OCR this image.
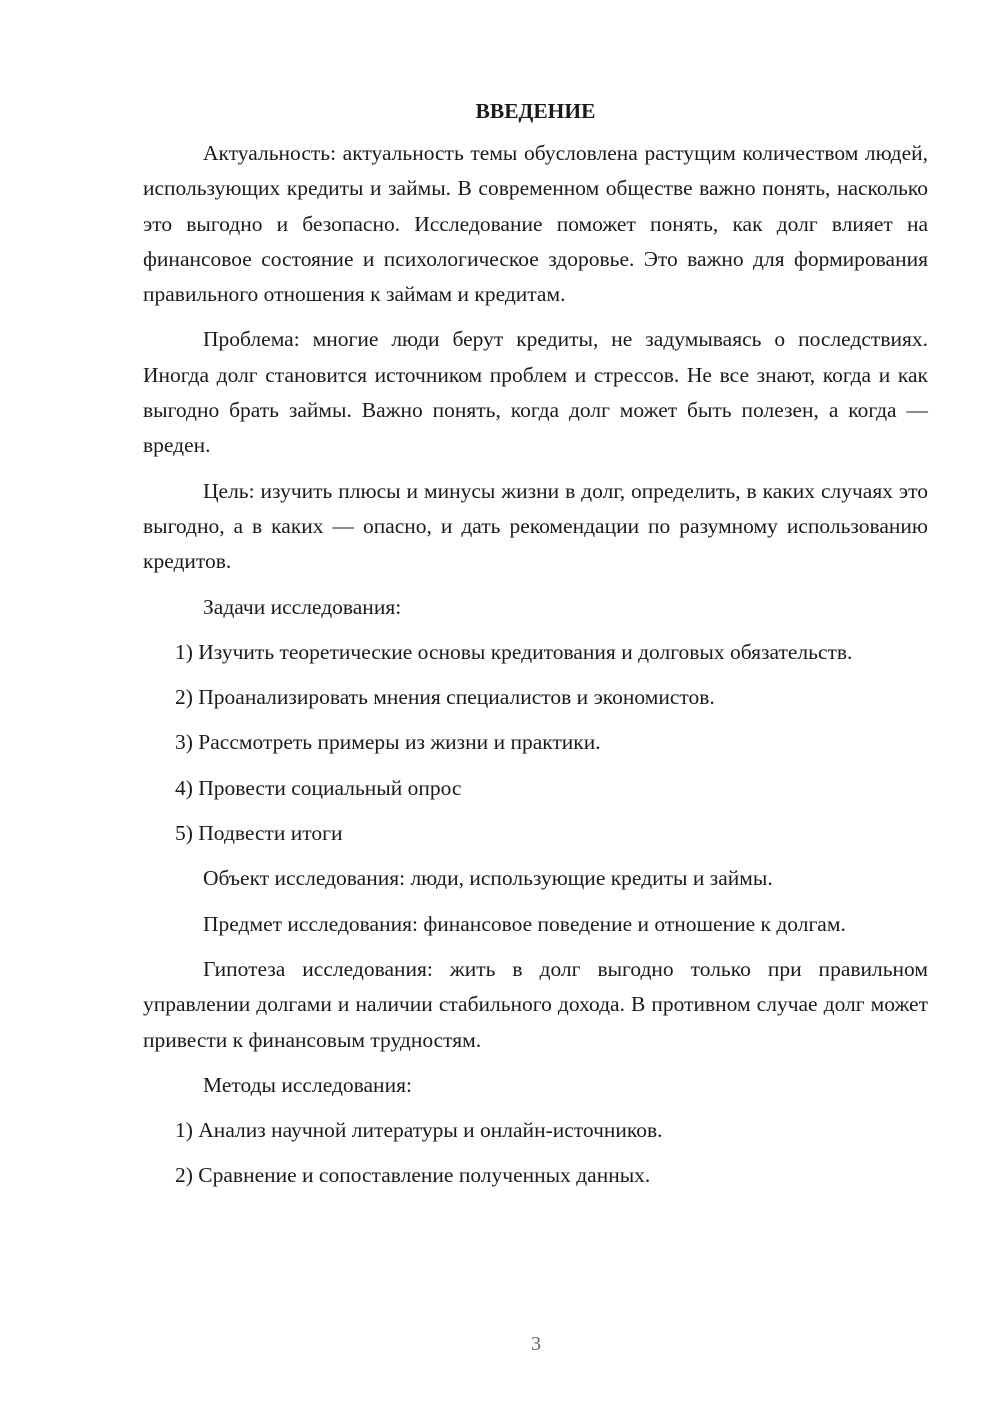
ВВЕДЕНИЕ

Актуальность: актуальность темы обусловлена растущим количеством людей, использующих кредиты и займы. В современном обществе важно понять, насколько это выгодно и безопасно. Исследование поможет понять, как долг влияет на финансовое состояние и психологическое здоровье. Это важно для формирования правильного отношения к займам и кредитам.

Проблема: многие люди берут кредиты, не задумываясь о последствиях. Иногда долг становится источником проблем и стрессов. Не все знают, когда и как выгодно брать займы. Важно понять, когда долг может быть полезен, а когда — вреден.

Цель: изучить плюсы и минусы жизни в долг, определить, в каких случаях это выгодно, а в каких — опасно, и дать рекомендации по разумному использованию кредитов.

Задачи исследования:

1) Изучить теоретические основы кредитования и долговых обязательств.

2) Проанализировать мнения специалистов и экономистов.

3) Рассмотреть примеры из жизни и практики.

4) Провести социальный опрос

5) Подвести итоги

Объект исследования: люди, использующие кредиты и займы.

Предмет исследования: финансовое поведение и отношение к долгам.

Гипотеза исследования: жить в долг выгодно только при правильном управлении долгами и наличии стабильного дохода. В противном случае долг может привести к финансовым трудностям.

Методы исследования:

1) Анализ научной литературы и онлайн-источников.

2) Сравнение и сопоставление полученных данных.

3
